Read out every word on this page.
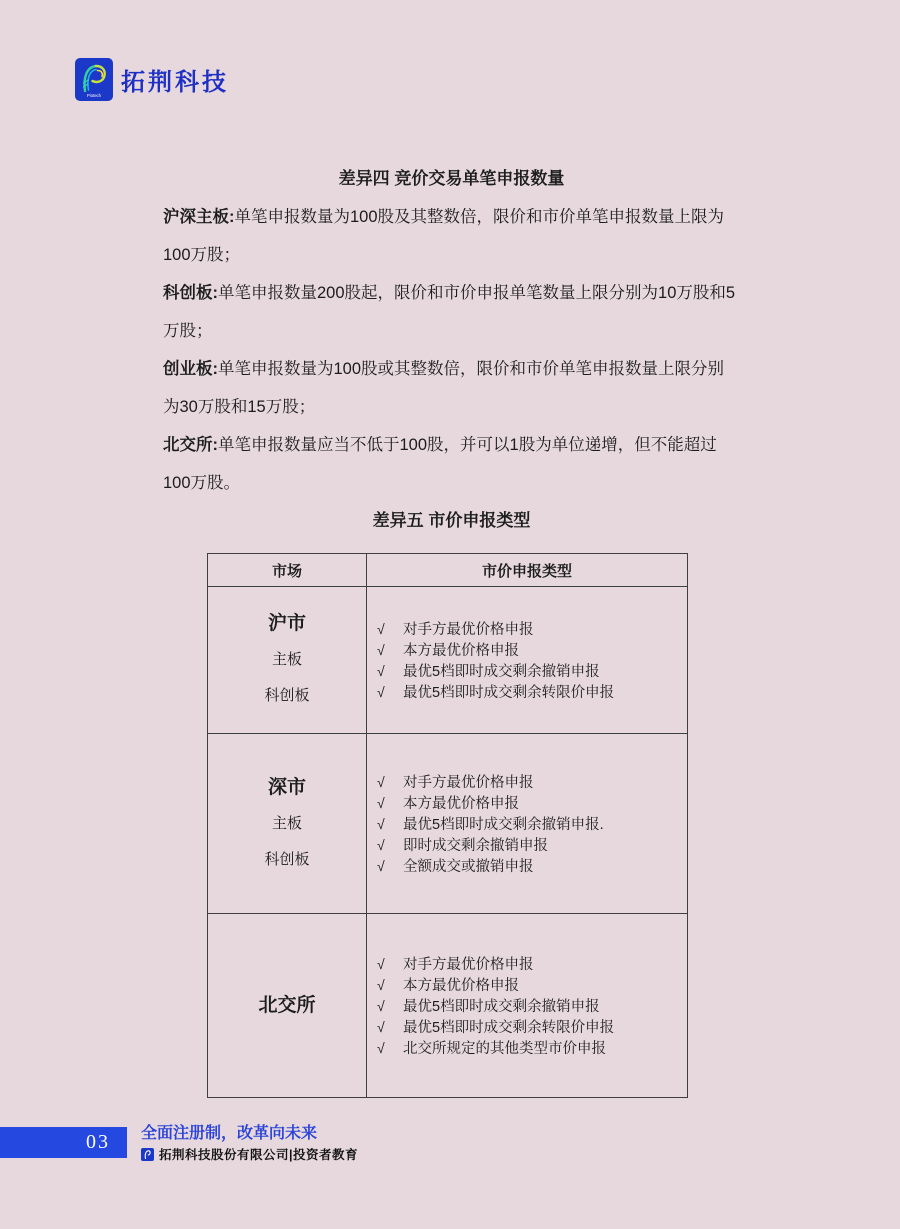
Piotech 拓荆科技
差异四 竞价交易单笔申报数量

沪深主板:单笔申报数量为100股及其整数倍，限价和市价单笔申报数量上限为100万股；

科创板:单笔申报数量200股起，限价和市价申报单笔数量上限分别为10万股和5万股；

创业板:单笔申报数量为100股或其整数倍，限价和市价单笔申报数量上限分别为30万股和15万股；

北交所:单笔申报数量应当不低于100股，并可以1股为单位递增，但不能超过100万股。

差异五 市价申报类型
市场	市价申报类型

沪市
主板
科创板

√	对手方最优价格申报
√	本方最优价格申报
√	最优5档即时成交剩余撤销申报
√	最优5档即时成交剩余转限价申报

深市
主板
科创板

√	对手方最优价格申报
√	本方最优价格申报
√	最优5档即时成交剩余撤销申报.
√	即时成交剩余撤销申报
√	全额成交或撤销申报

北交所

√	对手方最优价格申报
√	本方最优价格申报
√	最优5档即时成交剩余撤销申报
√	最优5档即时成交剩余转限价申报
√	北交所规定的其他类型市价申报
03	全面注册制，改革向未来
拓荆科技股份有限公司|投资者教育
